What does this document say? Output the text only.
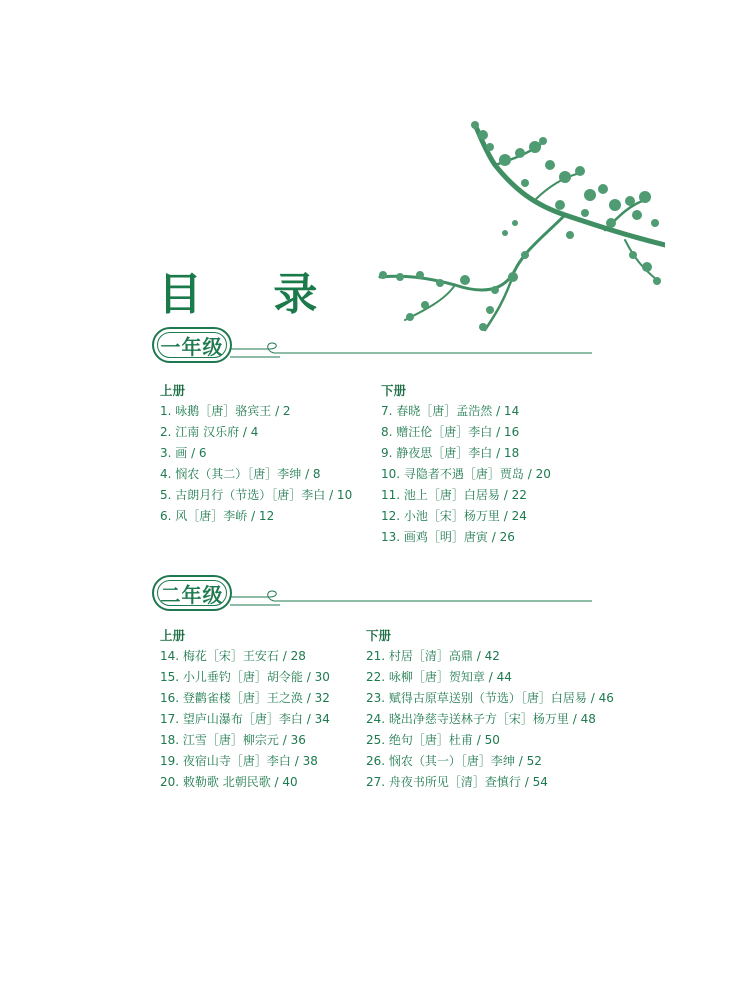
目 录
一年级
上册
1. 咏鹅［唐］骆宾王 / 2
2. 江南 汉乐府 / 4
3. 画 / 6
4. 悯农（其二）［唐］李绅 / 8
5. 古朗月行（节选）［唐］李白 / 10
6. 风［唐］李峤 / 12
下册
7. 春晓［唐］孟浩然 / 14
8. 赠汪伦［唐］李白 / 16
9. 静夜思［唐］李白 / 18
10. 寻隐者不遇［唐］贾岛 / 20
11. 池上［唐］白居易 / 22
12. 小池［宋］杨万里 / 24
13. 画鸡［明］唐寅 / 26
二年级
上册
14. 梅花［宋］王安石 / 28
15. 小儿垂钓［唐］胡令能 / 30
16. 登鹳雀楼［唐］王之涣 / 32
17. 望庐山瀑布［唐］李白 / 34
18. 江雪［唐］柳宗元 / 36
19. 夜宿山寺［唐］李白 / 38
20. 敕勒歌 北朝民歌 / 40
下册
21. 村居［清］高鼎 / 42
22. 咏柳［唐］贺知章 / 44
23. 赋得古原草送别（节选）［唐］白居易 / 46
24. 晓出净慈寺送林子方［宋］杨万里 / 48
25. 绝句［唐］杜甫 / 50
26. 悯农（其一）［唐］李绅 / 52
27. 舟夜书所见［清］查慎行 / 54
